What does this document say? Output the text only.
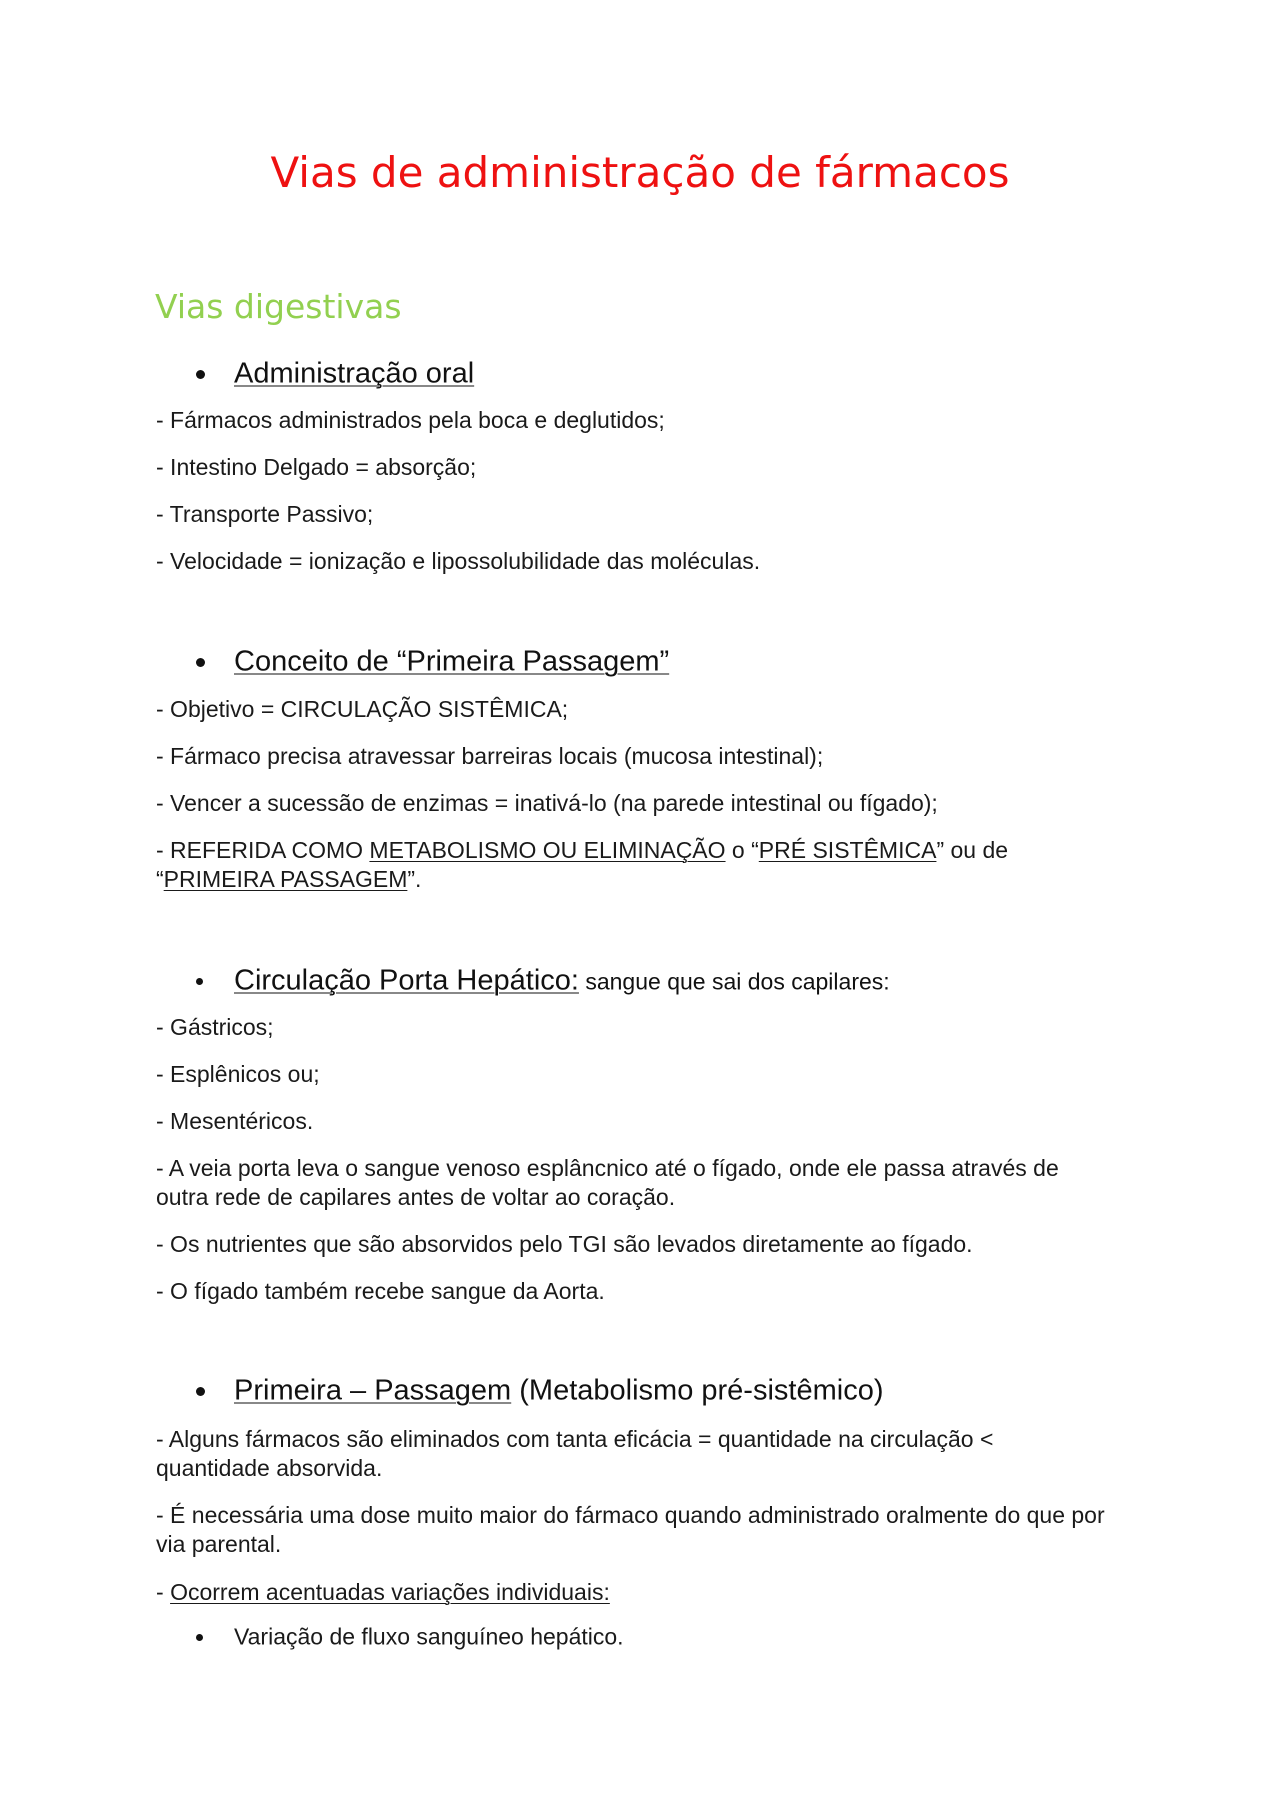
Vias de administração de fármacos
Vias digestivas
Administração oral

- Fármacos administrados pela boca e deglutidos;

- Intestino Delgado = absorção;

- Transporte Passivo;

- Velocidade = ionização e lipossolubilidade das moléculas.

Conceito de “Primeira Passagem”

- Objetivo = CIRCULAÇÃO SISTÊMICA;

- Fármaco precisa atravessar barreiras locais (mucosa intestinal);

- Vencer a sucessão de enzimas = inativá-lo (na parede intestinal ou fígado);

- REFERIDA COMO METABOLISMO OU ELIMINAÇÃO o “PRÉ SISTÊMICA” ou de “PRIMEIRA PASSAGEM”.

Circulação Porta Hepático: sangue que sai dos capilares:

- Gástricos;

- Esplênicos ou;

- Mesentéricos.

- A veia porta leva o sangue venoso esplâncnico até o fígado, onde ele passa através de outra rede de capilares antes de voltar ao coração.

- Os nutrientes que são absorvidos pelo TGI são levados diretamente ao fígado.

- O fígado também recebe sangue da Aorta.

Primeira – Passagem (Metabolismo pré-sistêmico)

- Alguns fármacos são eliminados com tanta eficácia = quantidade na circulação < quantidade absorvida.

- É necessária uma dose muito maior do fármaco quando administrado oralmente do que por via parental.

- Ocorrem acentuadas variações individuais:

Variação de fluxo sanguíneo hepático.
